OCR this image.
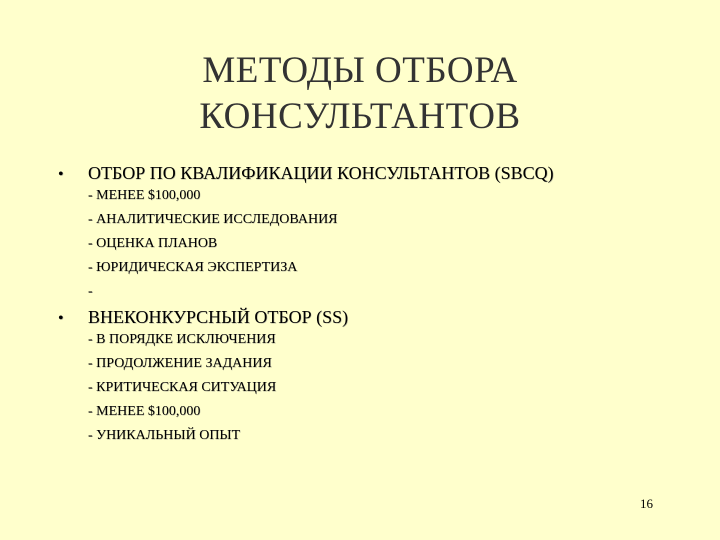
МЕТОДЫ ОТБОРА
КОНСУЛЬТАНТОВ
•	ОТБОР ПО КВАЛИФИКАЦИИ КОНСУЛЬТАНТОВ (SBCQ)
- МЕНЕЕ $100,000
- АНАЛИТИЧЕСКИЕ ИССЛЕДОВАНИЯ
- ОЦЕНКА ПЛАНОВ
- ЮРИДИЧЕСКАЯ ЭКСПЕРТИЗА
-
•	ВНЕКОНКУРСНЫЙ ОТБОР (SS)
- В ПОРЯДКЕ ИСКЛЮЧЕНИЯ
- ПРОДОЛЖЕНИЕ ЗАДАНИЯ
- КРИТИЧЕСКАЯ СИТУАЦИЯ
- МЕНЕЕ $100,000
- УНИКАЛЬНЫЙ ОПЫТ
16
